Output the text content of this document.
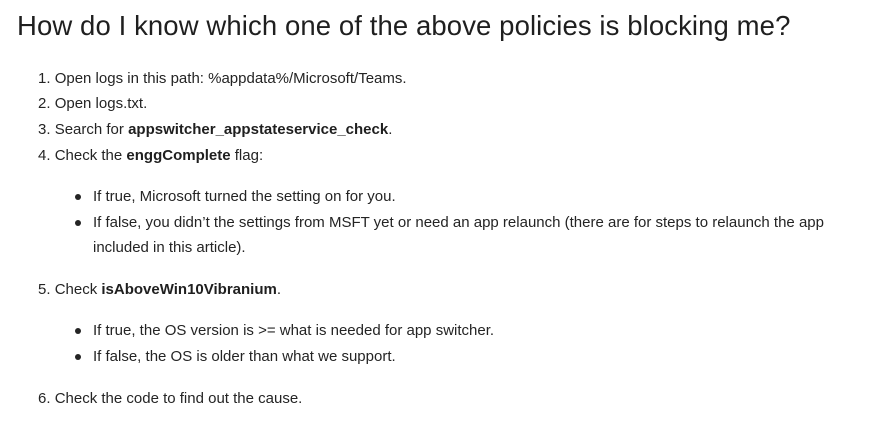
How do I know which one of the above policies is blocking me?
1. Open logs in this path: %appdata%/Microsoft/Teams.
2. Open logs.txt.
3. Search for appswitcher_appstateservice_check.
4. Check the enggComplete flag:
If true, Microsoft turned the setting on for you.
If false, you didn’t the settings from MSFT yet or need an app relaunch (there are for steps to relaunch the app included in this article).
5. Check isAboveWin10Vibranium.
If true, the OS version is >= what is needed for app switcher.
If false, the OS is older than what we support.
6. Check the code to find out the cause.
